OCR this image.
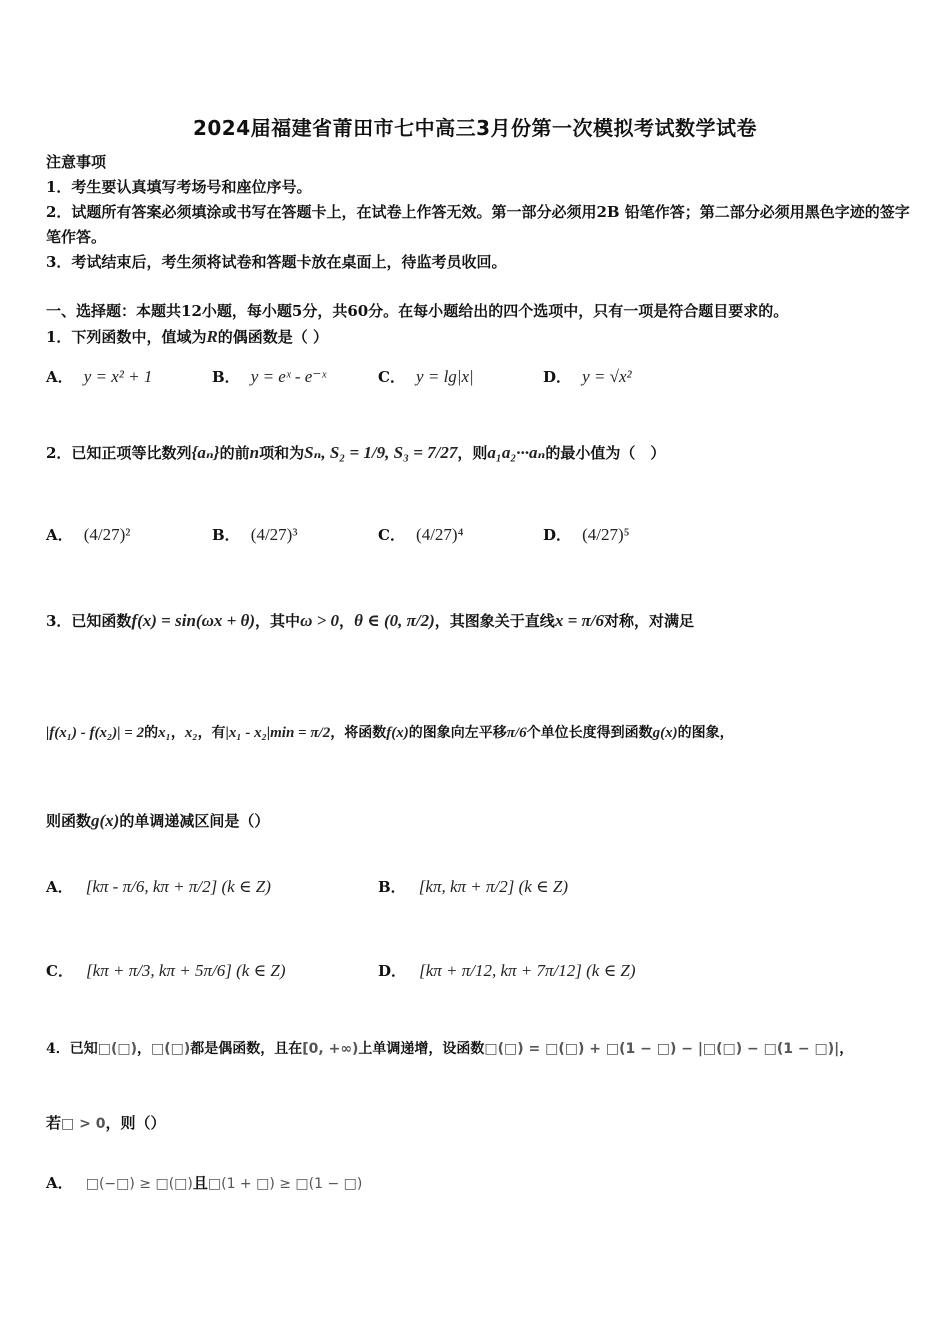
2024届福建省莆田市七中高三3月份第一次模拟考试数学试卷
注意事项
1．考生要认真填写考场号和座位序号。
2．试题所有答案必须填涂或书写在答题卡上，在试卷上作答无效。第一部分必须用2B 铅笔作答；第二部分必须用黑色字迹的签字笔作答。
3．考试结束后，考生须将试卷和答题卡放在桌面上，待监考员收回。
一、选择题：本题共12小题，每小题5分，共60分。在每小题给出的四个选项中，只有一项是符合题目要求的。
1．下列函数中，值域为R的偶函数是（ ）
A． y = x² + 1	B． y = eˣ - e⁻ˣ	C． y = lg|x|	D． y = √x²
2．已知正项等比数列{aₙ}的前n项和为Sₙ, S₂ = 1/9, S₃ = 7/27，则a₁a₂···aₙ的最小值为（　）
A． (4/27)²	B． (4/27)³	C． (4/27)⁴	D． (4/27)⁵
3．已知函数f(x) = sin(ωx + θ)，其中ω > 0，θ ∈ (0, π/2)，其图象关于直线x = π/6对称，对满足
|f(x₁) - f(x₂)| = 2的x₁，x₂，有|x₁ - x₂|min = π/2，将函数f(x)的图象向左平移π/6个单位长度得到函数g(x)的图象，
则函数g(x)的单调递减区间是（）
A． [kπ - π/6, kπ + π/2] (k ∈ Z)	B． [kπ, kπ + π/2] (k ∈ Z)
C． [kπ + π/3, kπ + 5π/6] (k ∈ Z)	D． [kπ + π/12, kπ + 7π/12] (k ∈ Z)
4．已知□(□)，□(□)都是偶函数，且在[0, +∞)上单调递增，设函数□(□) = □(□) + □(1 − □) − |□(□) − □(1 − □)|，
若□ > 0，则（）
A． □(−□) ≥ □(□)且□(1 + □) ≥ □(1 − □)
